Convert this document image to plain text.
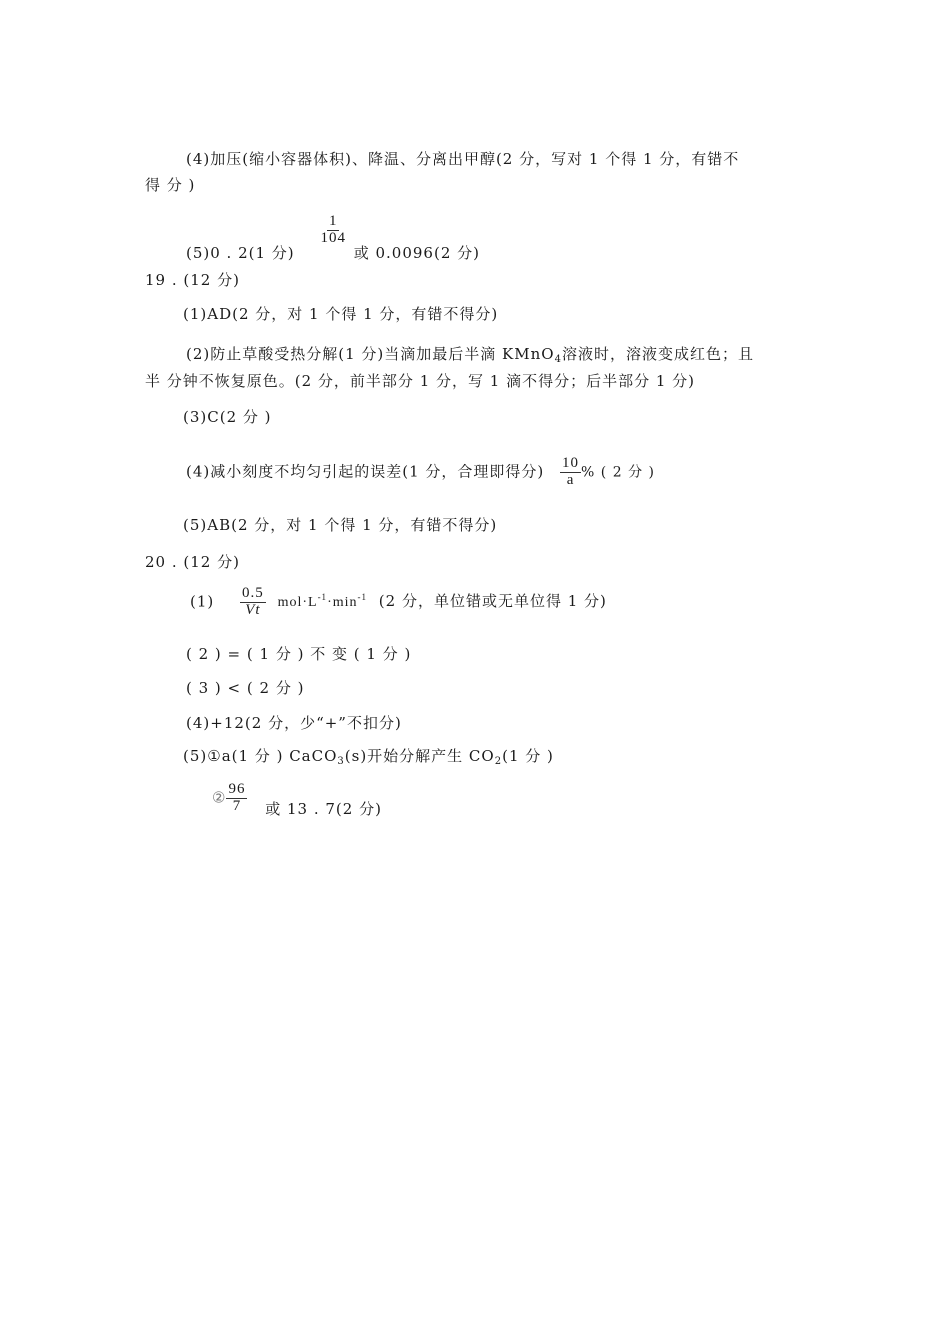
(4)加压(缩小容器体积)、降温、分离出甲醇(2 分，写对 1 个得 1 分，有错不
得 分 )
(5)0 . 2(1 分)
$\frac{1}{104}$
或 0.0096(2 分)
19 . (12 分)
(1)AD(2 分，对 1 个得 1 分，有错不得分)
(2)防止草酸受热分解(1 分)当滴加最后半滴 KMnO$_4$溶液时，溶液变成红色；且
半 分钟不恢复原色。(2 分，前半部分 1 分，写 1 滴不得分；后半部分 1 分)
(3)C(2 分 )
(4)减小刻度不均匀引起的误差(1 分，合理即得分) $\frac{10}{a}$ % ( 2 分 )
(5)AB(2 分，对 1 个得 1 分，有错不得分)
20 . (12 分)
$(1) \frac{0.5}{Vt} mol\cdot L^{-1}\cdot\min^{-1}$ (2 分，单位错或无单位得 1 分)
( 2 ) = ( 1 分 ) 不 变 ( 1 分 )
( 3 ) < ( 2 分 )
(4)+12(2 分，少“+”不扣分)
(5)①a(1 分 ) CaCO$_3$(s)开始分解产生 $CO_2(1$ 分 )
② $\frac{96}{7}$ 或 13 . 7(2 分)
